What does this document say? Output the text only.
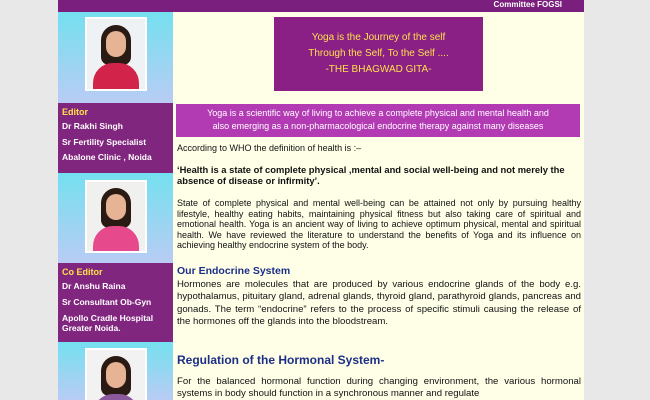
Committee FOGSI
Editor
Dr Rakhi Singh
Sr Fertility Specialist
Abalone Clinic , Noida
Co Editor
Dr Anshu Raina
Sr Consultant Ob-Gyn
Apollo Cradle Hospital
Greater Noida.
Yoga is the Journey of the self
Through the Self, To the Self ....
-THE BHAGWAD GITA-
Yoga is a scientific way of living to achieve a complete physical and mental health and
also emerging as a non-pharmacological endocrine therapy against many diseases
According to WHO the definition of health is :–
‘Health is a state of complete physical ,mental and social well-being and not merely the absence of disease or infirmity’.
State of complete physical and mental well-being can be attained not only by pursuing healthy lifestyle, healthy eating habits, maintaining physical fitness but also taking care of spiritual and emotional health. Yoga is an ancient way of living to achieve optimum physical, mental and spiritual health. We have reviewed the literature to understand the benefits of Yoga and its influence on achieving healthy endocrine system of the body.
Our Endocrine System
Hormones are molecules that are produced by various endocrine glands of the body e.g. hypothalamus, pituitary gland, adrenal glands, thyroid gland, parathyroid glands, pancreas and gonads. The term “endocrine” refers to the process of specific stimuli causing the release of the hormones off the glands into the bloodstream.
Regulation of the Hormonal System-
For the balanced hormonal function during changing environment, the various hormonal systems in body should function in a synchronous manner and regulate
